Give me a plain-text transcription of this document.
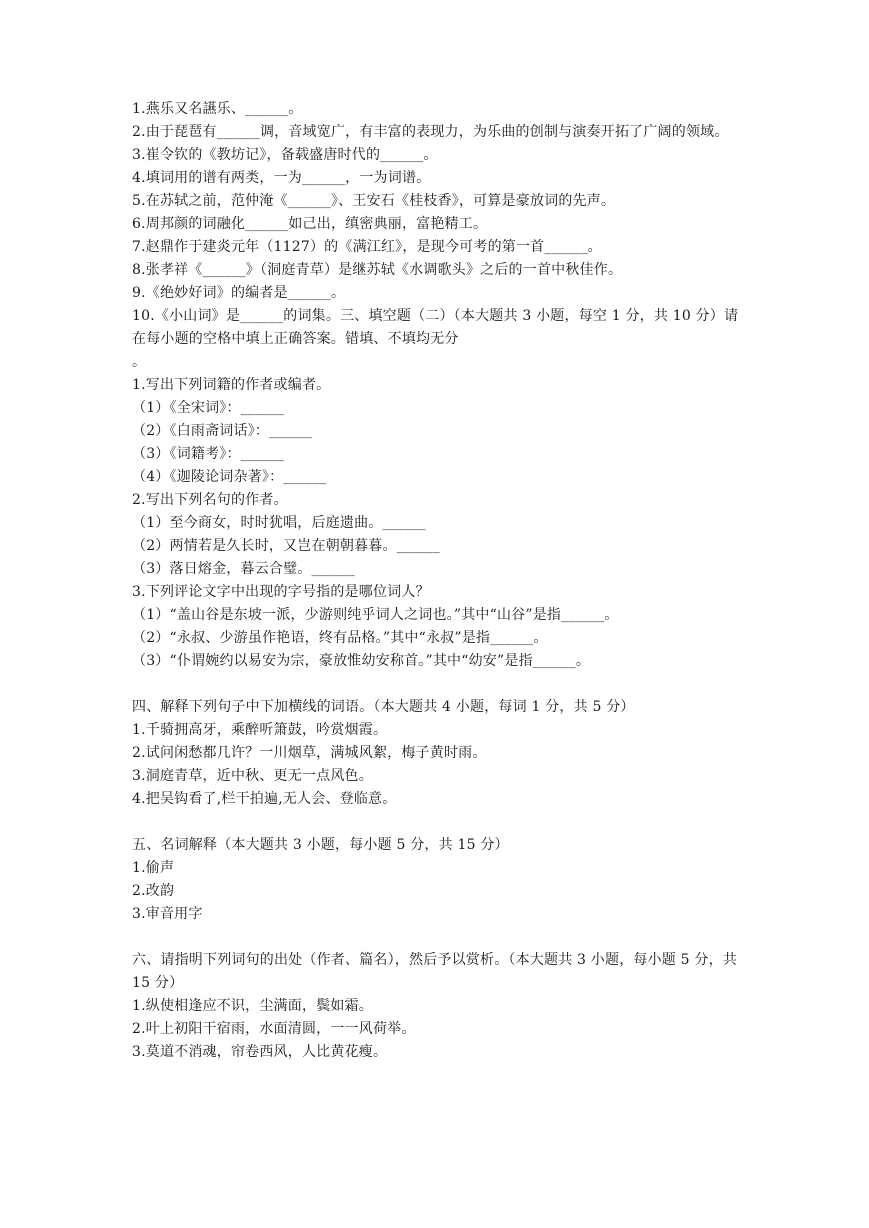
1.燕乐又名讌乐、______。
2.由于琵琶有______调，音域宽广，有丰富的表现力，为乐曲的创制与演奏开拓了广阔的领域。
3.崔令钦的《教坊记》，备载盛唐时代的______。
4.填词用的谱有两类，一为______，一为词谱。
5.在苏轼之前，范仲淹《______》、王安石《桂枝香》，可算是豪放词的先声。
6.周邦颜的词融化______如己出，缜密典丽，富艳精工。
7.赵鼎作于建炎元年（1127）的《满江红》，是现今可考的第一首______。
8.张孝祥《______》（洞庭青草）是继苏轼《水调歌头》之后的一首中秋佳作。
9.《绝妙好词》的编者是______。
10.《小山词》是______的词集。三、填空题（二）（本大题共 3 小题，每空 1 分，共 10 分）请在每小题的空格中填上正确答案。错填、不填均无分
。
1.写出下列词籍的作者或编者。
（1）《全宋词》：______
（2）《白雨斋词话》：______
（3）《词籍考》：______
（4）《迦陵论词杂著》：______
2.写出下列名句的作者。
（1）至今商女，时时犹唱，后庭遗曲。______
（2）两情若是久长时，又岂在朝朝暮暮。______
（3）落日熔金，暮云合璧。______
3.下列评论文字中出现的字号指的是哪位词人？
（1）“盖山谷是东坡一派，少游则纯乎词人之词也。”其中“山谷”是指______。
（2）“永叔、少游虽作艳语，终有品格。”其中“永叔”是指______。
（3）“仆谓婉约以易安为宗，豪放惟幼安称首。”其中“幼安”是指______。
四、解释下列句子中下加横线的词语。（本大题共 4 小题，每词 1 分，共 5 分）
1.千骑拥高牙，乘醉听箫鼓，吟赏烟霞。
2.试问闲愁都几许？一川烟草，满城风絮，梅子黄时雨。
3.洞庭青草，近中秋、更无一点风色。
4.把吴钩看了,栏干拍遍,无人会、登临意。
五、名词解释（本大题共 3 小题，每小题 5 分，共 15 分）
1.偷声
2.改韵
3.审音用字
六、请指明下列词句的出处（作者、篇名），然后予以赏析。（本大题共 3 小题，每小题 5 分，共 15 分）
1.纵使相逢应不识，尘满面，鬓如霜。
2.叶上初阳干宿雨，水面清圆，一一风荷举。
3.莫道不消魂，帘卷西风，人比黄花瘦。
